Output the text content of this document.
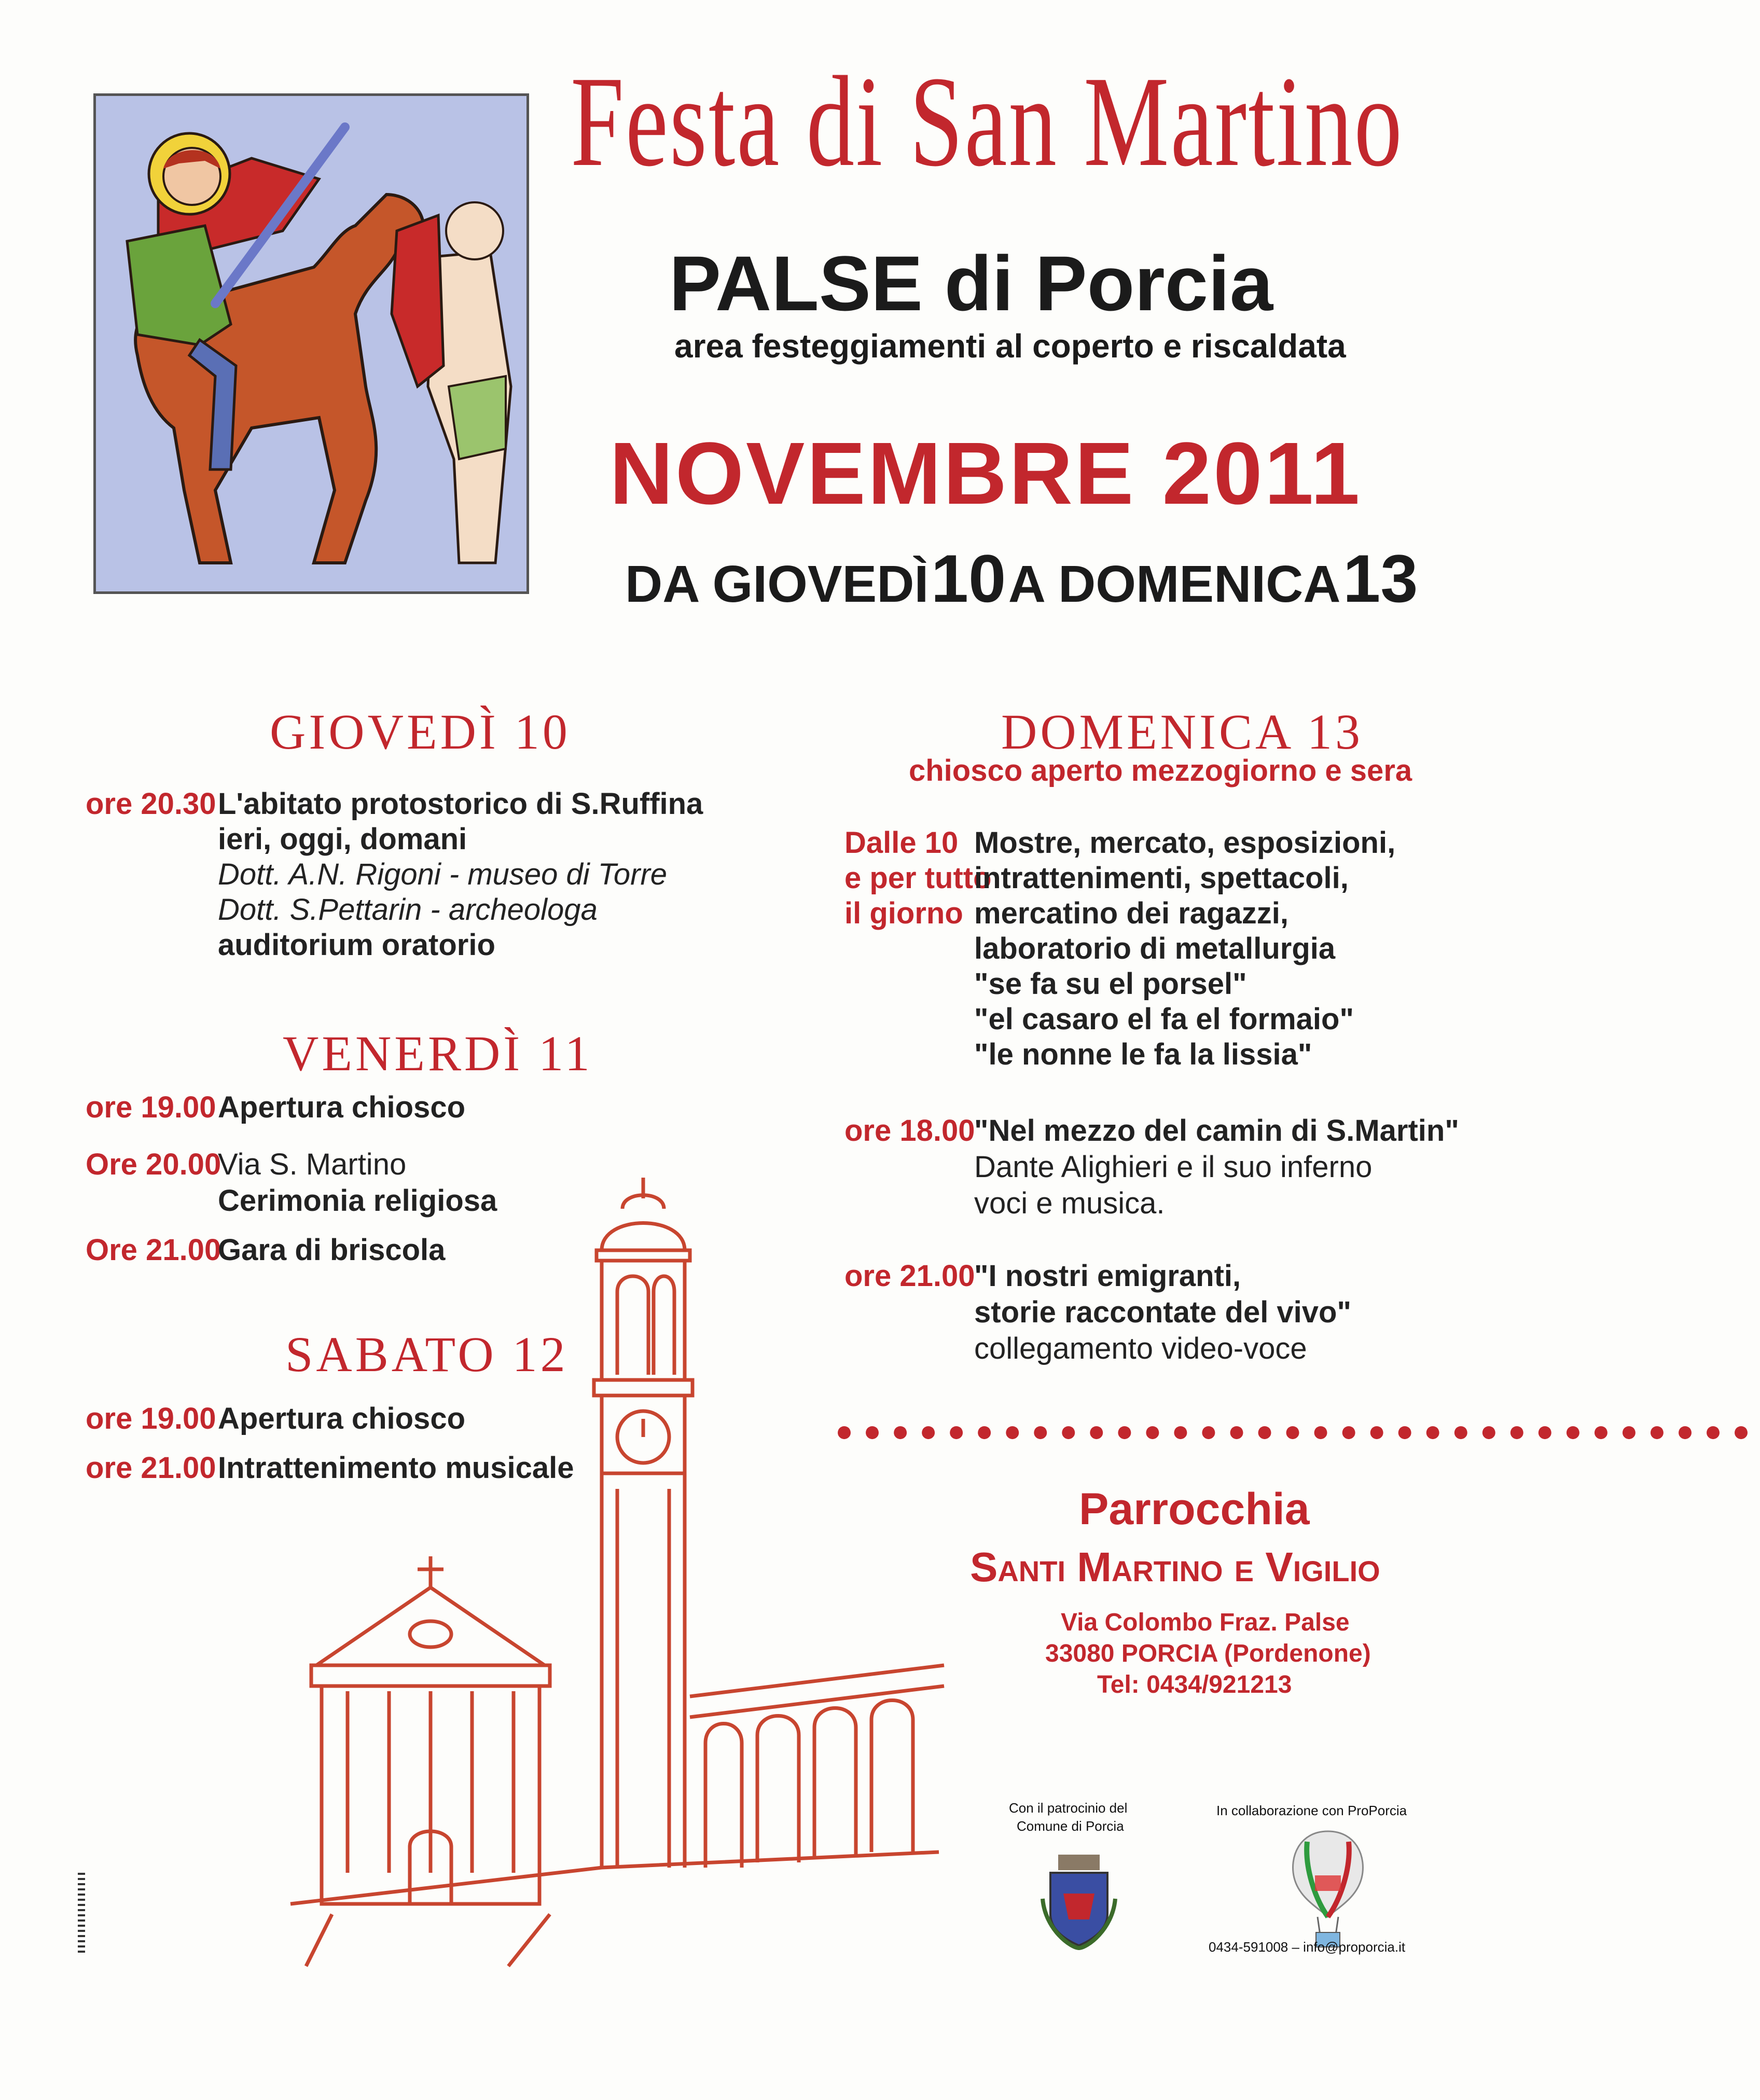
Festa di San Martino
PALSE di Porcia
area festeggiamenti al coperto e riscaldata
NOVEMBRE 2011
DA GIOVEDÌ 10 A DOMENICA 13
GIOVEDÌ 10
ore 20.30 L'abitato protostorico di S.Ruffina
ieri, oggi, domani
Dott. A.N. Rigoni - museo di Torre
Dott. S.Pettarin - archeologa
auditorium oratorio
VENERDÌ 11
ore 19.00 Apertura chiosco
Ore 20.00
Via S. Martino
Cerimonia religiosa
Ore 21.00
Gara di briscola
SABATO 12
ore 19.00 Apertura chiosco
ore 21.00 Intrattenimento musicale
DOMENICA 13
chiosco aperto mezzogiorno e sera
Dalle 10
e per tutto
il giorno
Mostre, mercato, esposizioni,
intrattenimenti, spettacoli,
mercatino dei ragazzi,
laboratorio di metallurgia
"se fa su el porsel"
"el casaro el fa el formaio"
"le nonne le fa la lissia"
ore 18.00
"Nel mezzo del camin di S.Martin"
Dante Alighieri e il suo inferno
voci e musica.
ore 21.00
"I nostri emigranti,
storie raccontate del vivo"
collegamento video-voce
●●●●●●●●●●●●●●●●●●●●●●●●●●●●●●●●●
Parrocchia
Santi Martino e Vigilio
Via Colombo Fraz. Palse
33080 PORCIA (Pordenone)
Tel: 0434/921213
Con il patrocinio del
Comune di Porcia
In collaborazione con ProPorcia
0434-591008 – info@proporcia.it
